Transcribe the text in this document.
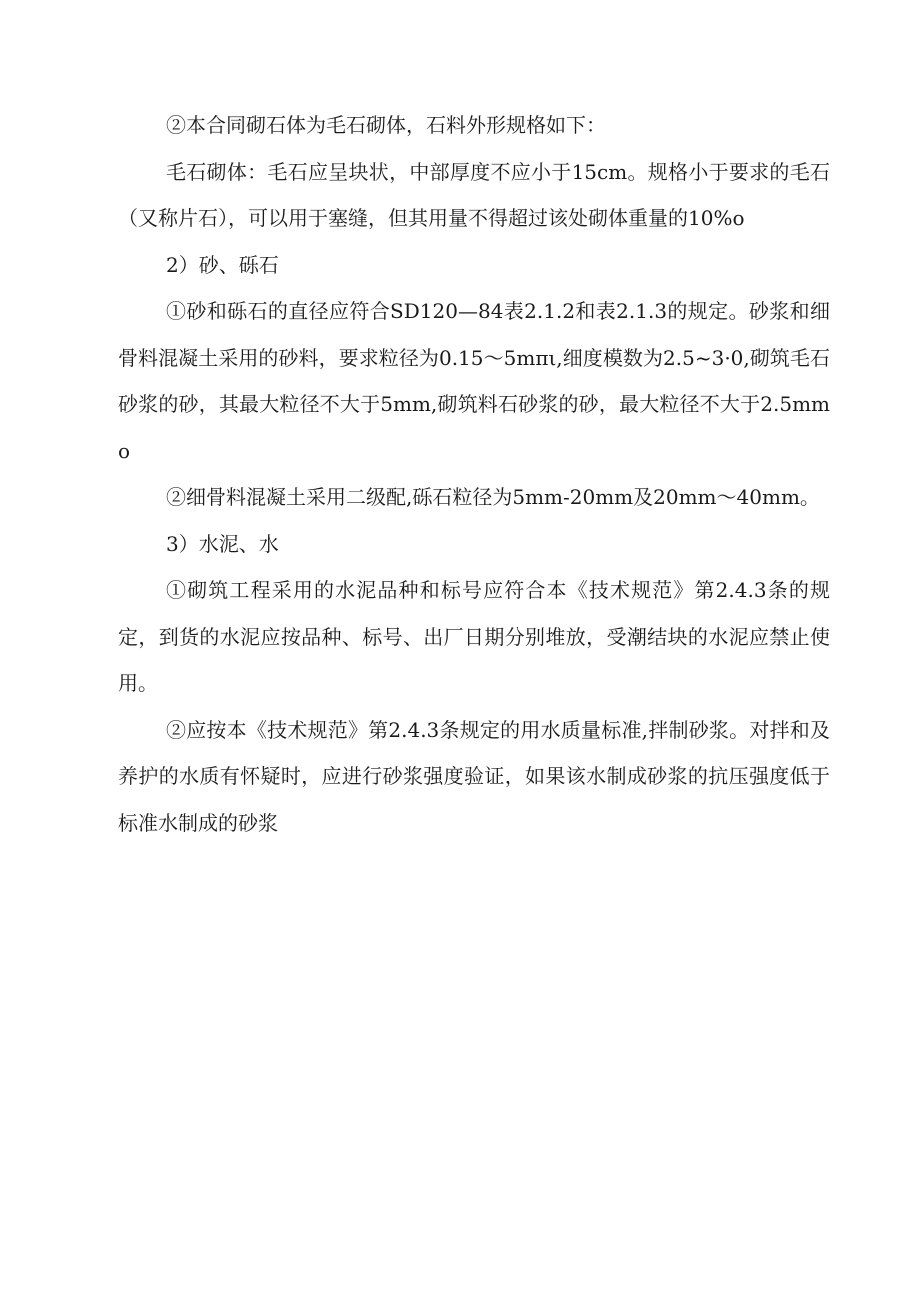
②本合同砌石体为毛石砌体，石料外形规格如下：

毛石砌体：毛石应呈块状，中部厚度不应小于15cm。规格小于要求的毛石（又称片石），可以用于塞缝，但其用量不得超过该处砌体重量的10%o

2）砂、砾石

①砂和砾石的直径应符合SD120—84表2.1.2和表2.1.3的规定。砂浆和细骨料混凝土采用的砂料，要求粒径为0.15～5mπι,细度模数为2.5~3·0,砌筑毛石砂浆的砂，其最大粒径不大于5mm,砌筑料石砂浆的砂，最大粒径不大于2.5mmo

②细骨料混凝土采用二级配,砾石粒径为5mm-20mm及20mm～40mm。

3）水泥、水

①砌筑工程采用的水泥品种和标号应符合本《技术规范》第2.4.3条的规定，到货的水泥应按品种、标号、出厂日期分别堆放，受潮结块的水泥应禁止使用。

②应按本《技术规范》第2.4.3条规定的用水质量标准,拌制砂浆。对拌和及养护的水质有怀疑时，应进行砂浆强度验证，如果该水制成砂浆的抗压强度低于标准水制成的砂浆
